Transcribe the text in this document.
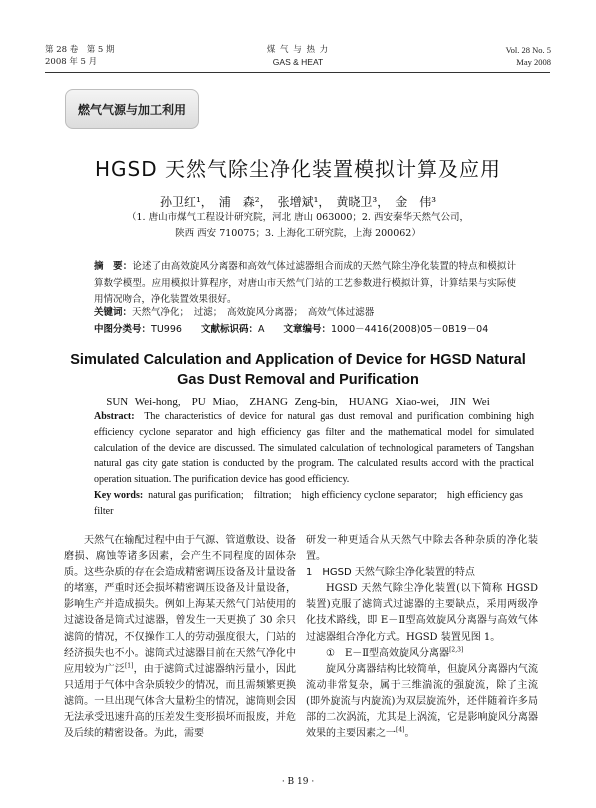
第 28 卷　第 5 期
2008 年 5 月
煤 气 与 热 力
GAS & HEAT
Vol. 28 No. 5
May 2008
燃气气源与加工利用
HGSD 天然气除尘净化装置模拟计算及应用
孙卫红¹，　浦　森²，　张增斌¹，　黄晓卫³，　金　伟³
（1. 唐山市煤气工程设计研究院，河北 唐山 063000；2. 西安秦华天然气公司，
陕西 西安 710075；3. 上海化工研究院，上海 200062）
摘　要：论述了由高效旋风分离器和高效气体过滤器组合而成的天然气除尘净化装置的特点和模拟计算数学模型。应用模拟计算程序，对唐山市天然气门站的工艺参数进行模拟计算，计算结果与实际使用情况吻合，净化装置效果很好。
关键词：天然气净化；　过滤；　高效旋风分离器；　高效气体过滤器
中图分类号：TU996 文献标识码：A 文章编号：1000－4416(2008)05－0B19－04
Simulated Calculation and Application of Device for HGSD Natural Gas Dust Removal and Purification
SUN Wei-hong,　PU Miao,　ZHANG Zeng-bin,　HUANG Xiao-wei,　JIN Wei
Abstract: The characteristics of device for natural gas dust removal and purification combining high efficiency cyclone separator and high efficiency gas filter and the mathematical model for simulated calculation of the device are discussed. The simulated calculation of technological parameters of Tangshan natural gas city gate station is conducted by the program. The calculated results accord with the practical operation situation. The purification device has good efficiency.
Key words: natural gas purification;　filtration;　high efficiency cyclone separator;　high efficiency gas filter

天然气在输配过程中由于气源、管道敷设、设备磨损、腐蚀等诸多因素，会产生不同程度的固体杂质。这些杂质的存在会造成精密调压设备及计量设备的堵塞，严重时还会损坏精密调压设备及计量设备，影响生产并造成损失。例如上海某天然气门站使用的过滤设备是筒式过滤器，曾发生一天更换了 30 余只滤筒的情况，不仅操作工人的劳动强度很大，门站的经济损失也不小。滤筒式过滤器目前在天然气净化中应用较为广泛[1]，由于滤筒式过滤器纳污量小，因此只适用于气体中含杂质较少的情况，而且需频繁更换滤筒。一旦出现气体含大量粉尘的情况，滤筒则会因无法承受迅速升高的压差发生变形损坏而报废，并危及后续的精密设备。为此，需要

研发一种更适合从天然气中除去各种杂质的净化装置。

1　HGSD 天然气除尘净化装置的特点

HGSD 天然气除尘净化装置(以下简称 HGSD 装置)克服了滤筒式过滤器的主要缺点，采用两级净化技术路线，即 E－Ⅱ型高效旋风分离器与高效气体过滤器组合净化方式。HGSD 装置见图 1。

①　E－Ⅱ型高效旋风分离器[2,3]

旋风分离器结构比较简单，但旋风分离器内气流流动非常复杂，属于三维湍流的强旋流，除了主流(即外旋流与内旋流)为双层旋流外，还伴随着许多局部的二次涡流，尤其是上涡流，它是影响旋风分离器效果的主要因素之一[4]。

· B 19 ·
